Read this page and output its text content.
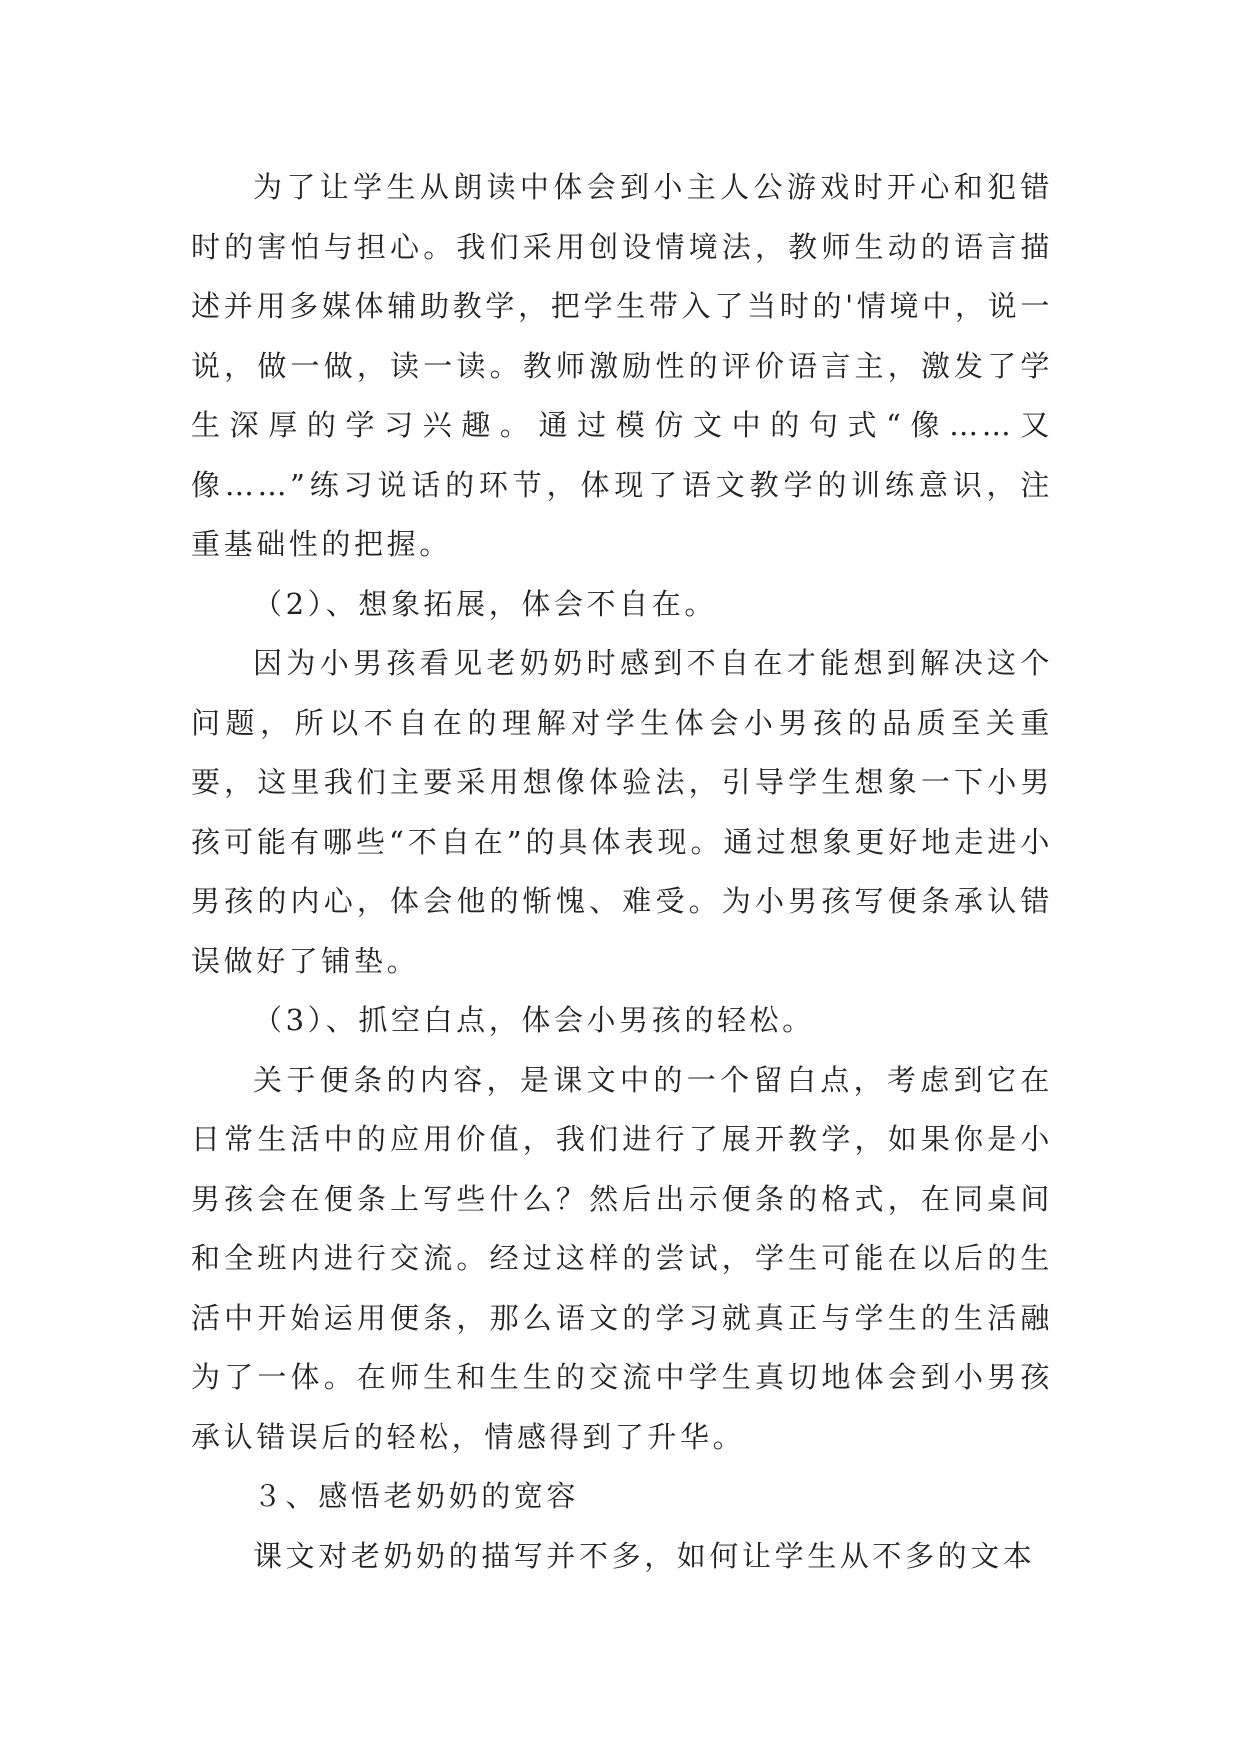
为了让学生从朗读中体会到小主人公游戏时开心和犯错时的害怕与担心。我们采用创设情境法，教师生动的语言描述并用多媒体辅助教学，把学生带入了当时的'情境中，说一说，做一做，读一读。教师激励性的评价语言主，激发了学生深厚的学习兴趣。通过模仿文中的句式“像……又像……”练习说话的环节，体现了语文教学的训练意识，注重基础性的把握。

（2）、想象拓展，体会不自在。

因为小男孩看见老奶奶时感到不自在才能想到解决这个问题，所以不自在的理解对学生体会小男孩的品质至关重要，这里我们主要采用想像体验法，引导学生想象一下小男孩可能有哪些“不自在”的具体表现。通过想象更好地走进小男孩的内心，体会他的惭愧、难受。为小男孩写便条承认错误做好了铺垫。

（3）、抓空白点，体会小男孩的轻松。

关于便条的内容，是课文中的一个留白点，考虑到它在日常生活中的应用价值，我们进行了展开教学，如果你是小男孩会在便条上写些什么？然后出示便条的格式，在同桌间和全班内进行交流。经过这样的尝试，学生可能在以后的生活中开始运用便条，那么语文的学习就真正与学生的生活融为了一体。在师生和生生的交流中学生真切地体会到小男孩承认错误后的轻松，情感得到了升华。

３、感悟老奶奶的宽容

课文对老奶奶的描写并不多，如何让学生从不多的文本
